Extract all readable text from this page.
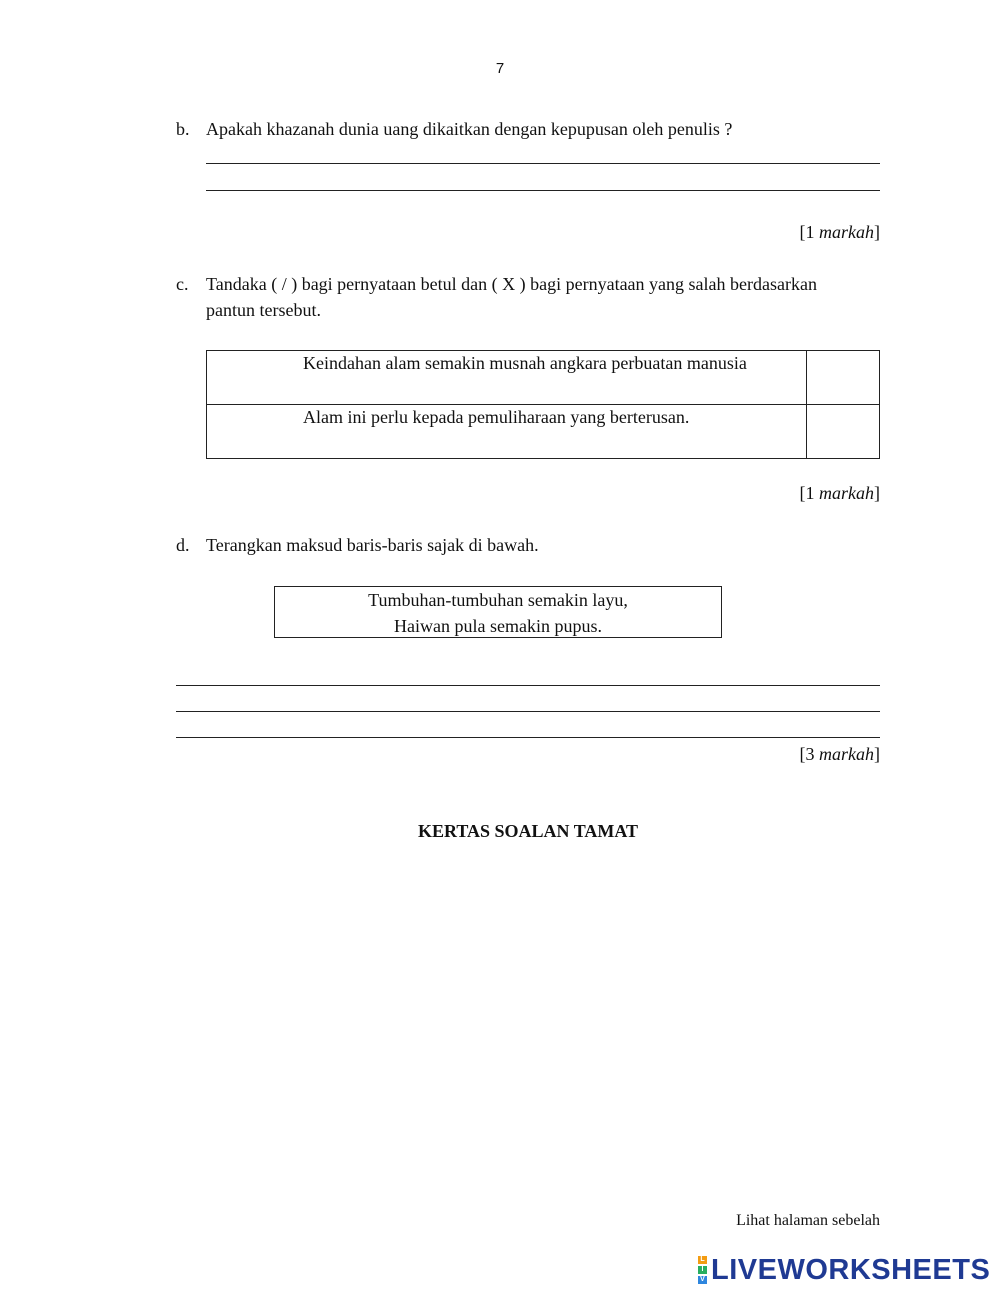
7
b. Apakah khazanah dunia uang dikaitkan dengan kepupusan oleh penulis ?
[1 markah]
c. Tandaka ( / ) bagi pernyataan betul dan ( X ) bagi pernyataan yang salah berdasarkan
pantun tersebut.
Keindahan alam semakin musnah angkara perbuatan manusia	
Alam ini perlu kepada pemuliharaan yang berterusan.	
[1 markah]
d. Terangkan maksud baris-baris sajak di bawah.
Tumbuhan-tumbuhan semakin layu,
Haiwan pula semakin pupus.
[3 markah]
KERTAS SOALAN TAMAT
Lihat halaman sebelah
L
I
V LIVEWORKSHEETS
